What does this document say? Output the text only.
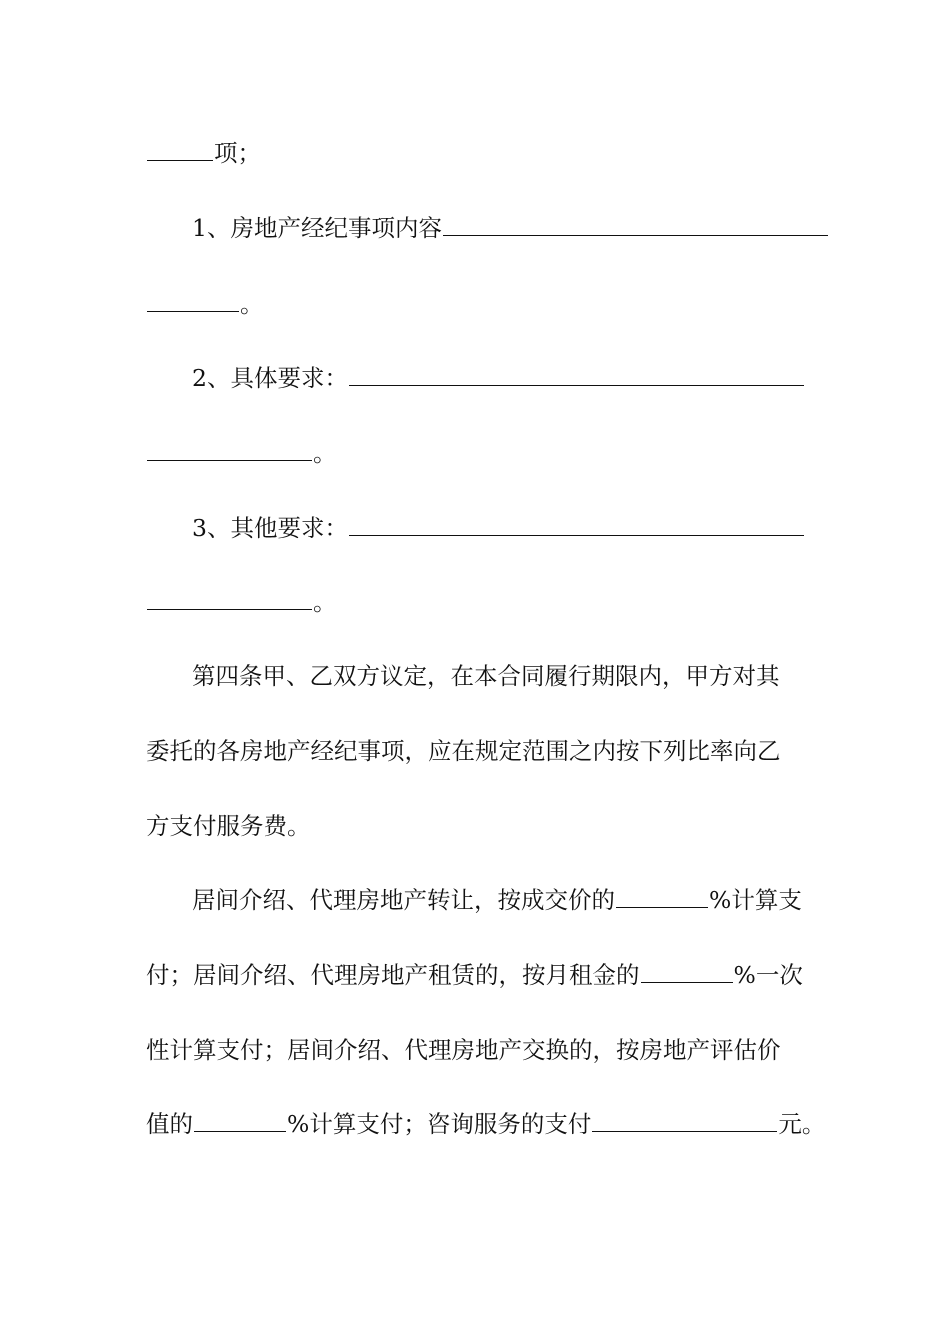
项；
1、房地产经纪事项内容
。
2、具体要求：
。
3、其他要求：
。
第四条甲、乙双方议定，在本合同履行期限内，甲方对其
委托的各房地产经纪事项，应在规定范围之内按下列比率向乙
方支付服务费。
居间介绍、代理房地产转让，按成交价的	%计算支
付；居间介绍、代理房地产租赁的，按月租金的	%一次
性计算支付；居间介绍、代理房地产交换的，按房地产评估价
值的	%计算支付；咨询服务的支付	元。
